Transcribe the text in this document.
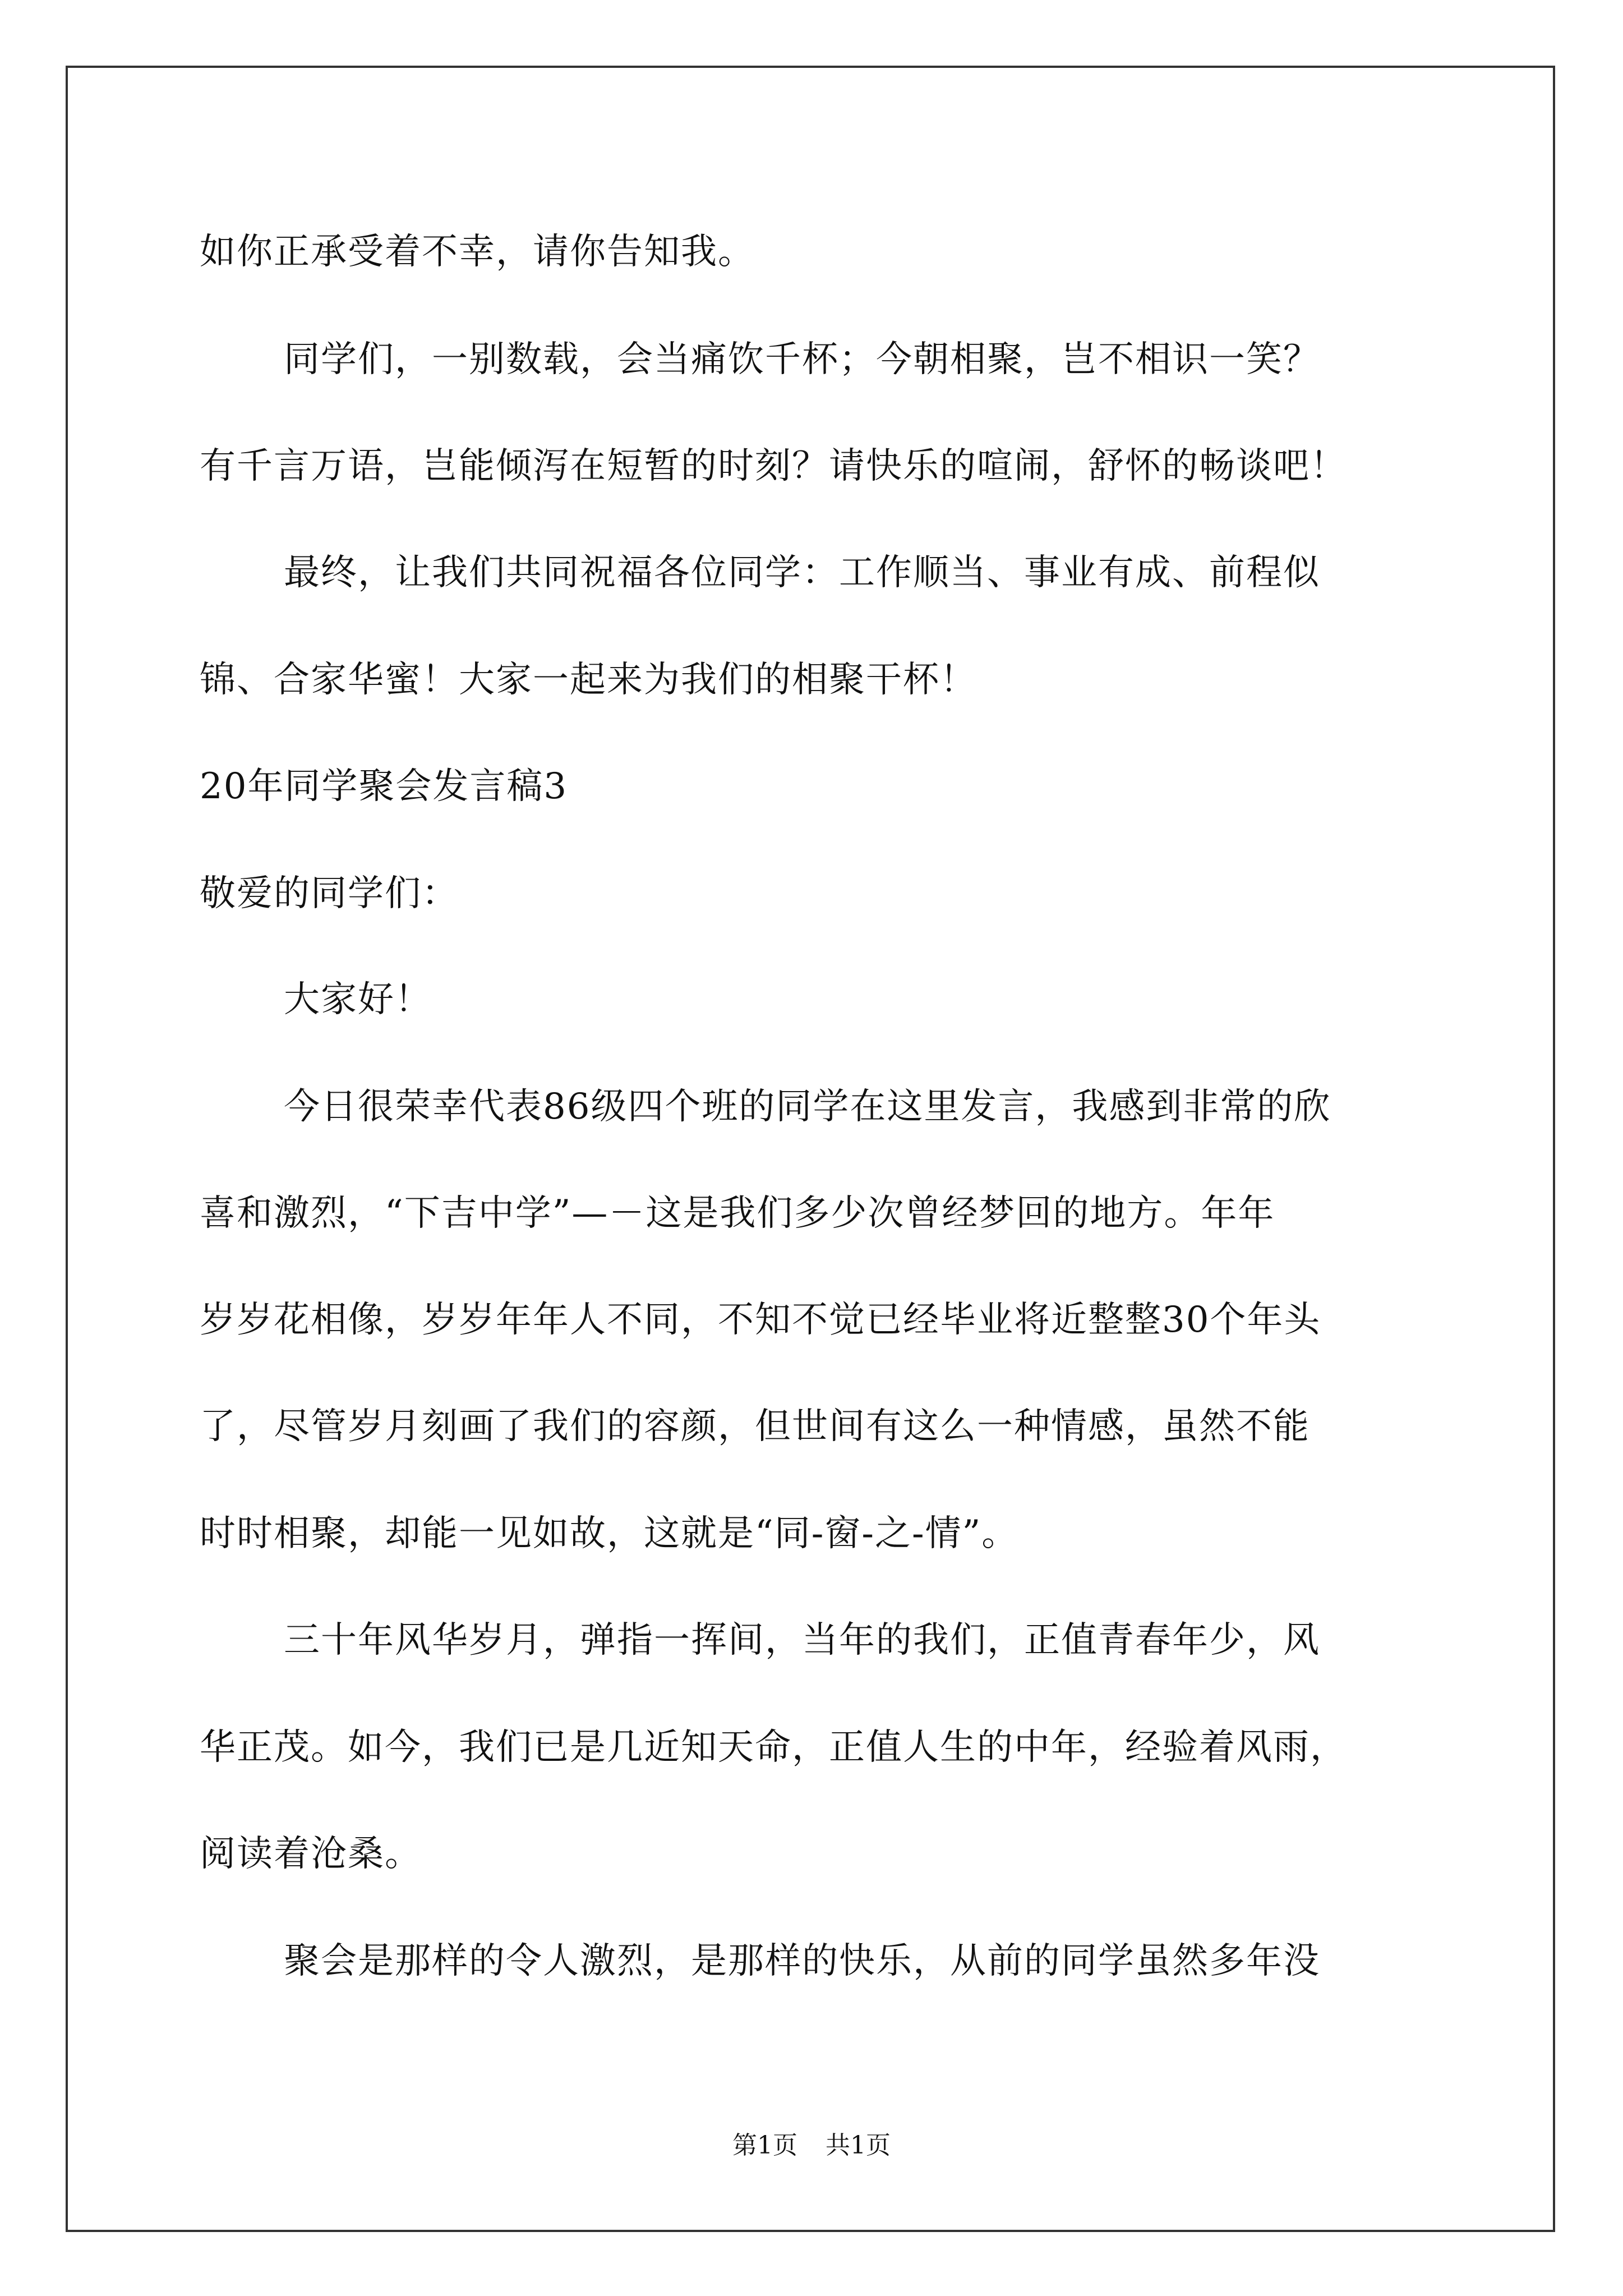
如你正承受着不幸，请你告知我。
同学们，一别数载，会当痛饮千杯；今朝相聚，岂不相识一笑？
有千言万语，岂能倾泻在短暂的时刻？请快乐的喧闹，舒怀的畅谈吧！
最终，让我们共同祝福各位同学：工作顺当、事业有成、前程似
锦、合家华蜜！大家一起来为我们的相聚干杯！
20年同学聚会发言稿3
敬爱的同学们：
大家好！
今日很荣幸代表86级四个班的同学在这里发言，我感到非常的欣
喜和激烈，“下吉中学”—－这是我们多少次曾经梦回的地方。年年
岁岁花相像，岁岁年年人不同，不知不觉已经毕业将近整整30个年头
了，尽管岁月刻画了我们的容颜，但世间有这么一种情感，虽然不能
时时相聚，却能一见如故，这就是“同-窗-之-情”。
三十年风华岁月，弹指一挥间，当年的我们，正值青春年少，风
华正茂。如今，我们已是几近知天命，正值人生的中年，经验着风雨，
阅读着沧桑。
聚会是那样的令人激烈，是那样的快乐，从前的同学虽然多年没
第1页 共1页
